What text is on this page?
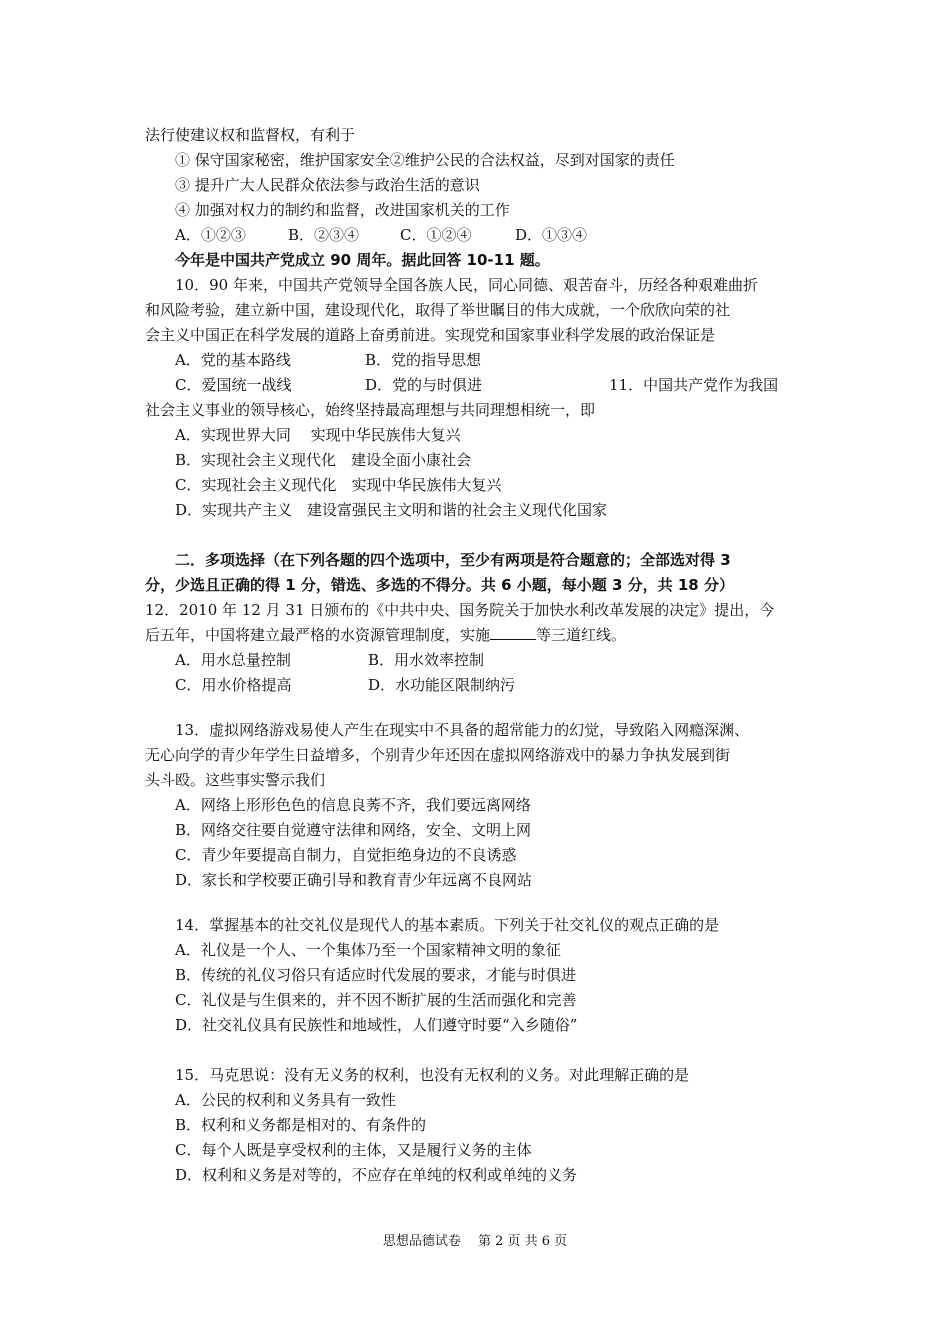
法行使建议权和监督权，有利于
① 保守国家秘密，维护国家安全②维护公民的合法权益，尽到对国家的责任
③ 提升广大人民群众依法参与政治生活的意识
④ 加强对权力的制约和监督，改进国家机关的工作
A．①②③	B．②③④	C．①②④	D．①③④
今年是中国共产党成立 90 周年。据此回答 10-11 题。
10．90 年来，中国共产党领导全国各族人民，同心同德、艰苦奋斗，历经各种艰难曲折
和风险考验，建立新中国，建设现代化，取得了举世瞩目的伟大成就，一个欣欣向荣的社
会主义中国正在科学发展的道路上奋勇前进。实现党和国家事业科学发展的政治保证是
A．党的基本路线	B．党的指导思想
C．爱国统一战线	D．党的与时俱进	11．中国共产党作为我国
社会主义事业的领导核心，始终坚持最高理想与共同理想相统一，即
A．实现世界大同　 实现中华民族伟大复兴
B．实现社会主义现代化　建设全面小康社会
C．实现社会主义现代化　实现中华民族伟大复兴
D．实现共产主义　建设富强民主文明和谐的社会主义现代化国家
二．多项选择（在下列各题的四个选项中，至少有两项是符合题意的；全部选对得 3
分，少选且正确的得 1 分，错选、多选的不得分。共 6 小题，每小题 3 分，共 18 分）
12．2010 年 12 月 31 日颁布的《中共中央、国务院关于加快水利改革发展的决定》提出，今
后五年，中国将建立最严格的水资源管理制度，实施	等三道红线。
A．用水总量控制	B．用水效率控制
C．用水价格提高	D．水功能区限制纳污
13．虚拟网络游戏易使人产生在现实中不具备的超常能力的幻觉，导致陷入网瘾深渊、
无心向学的青少年学生日益增多，个别青少年还因在虚拟网络游戏中的暴力争执发展到街
头斗殴。这些事实警示我们
A．网络上形形色色的信息良莠不齐，我们要远离网络
B．网络交往要自觉遵守法律和网络，安全、文明上网
C．青少年要提高自制力，自觉拒绝身边的不良诱惑
D．家长和学校要正确引导和教育青少年远离不良网站
14．掌握基本的社交礼仪是现代人的基本素质。下列关于社交礼仪的观点正确的是
A．礼仪是一个人、一个集体乃至一个国家精神文明的象征
B．传统的礼仪习俗只有适应时代发展的要求，才能与时俱进
C．礼仪是与生俱来的，并不因不断扩展的生活而强化和完善
D．社交礼仪具有民族性和地域性，人们遵守时要“入乡随俗”
15．马克思说：没有无义务的权利，也没有无权利的义务。对此理解正确的是
A．公民的权利和义务具有一致性
B．权利和义务都是相对的、有条件的
C．每个人既是享受权利的主体，又是履行义务的主体
D．权利和义务是对等的，不应存在单纯的权利或单纯的义务
思想品德试卷　 第 2 页 共 6 页
